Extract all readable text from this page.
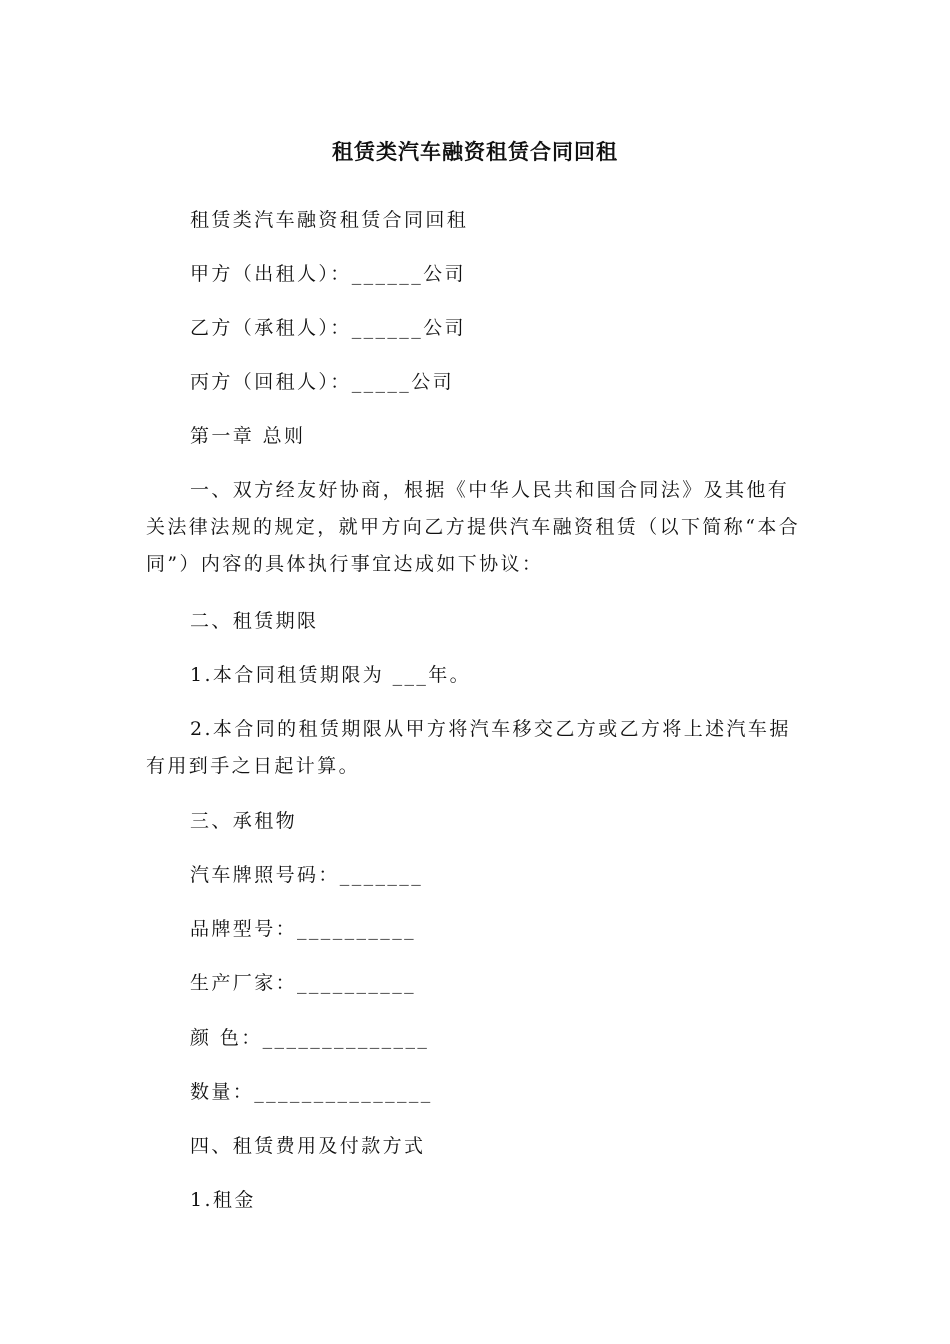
租赁类汽车融资租赁合同回租
租赁类汽车融资租赁合同回租
甲方（出租人）：______公司
乙方（承租人）：______公司
丙方（回租人）：_____公司
第一章 总则
一、双方经友好协商，根据《中华人民共和国合同法》及其他有关法律法规的规定，就甲方向乙方提供汽车融资租赁（以下简称“本合同”）内容的具体执行事宜达成如下协议：
二、租赁期限
1.本合同租赁期限为 ___年。
2.本合同的租赁期限从甲方将汽车移交乙方或乙方将上述汽车据有用到手之日起计算。
三、承租物
汽车牌照号码：_______
品牌型号：__________
生产厂家：__________
颜 色：______________
数量：_______________
四、租赁费用及付款方式
1.租金
